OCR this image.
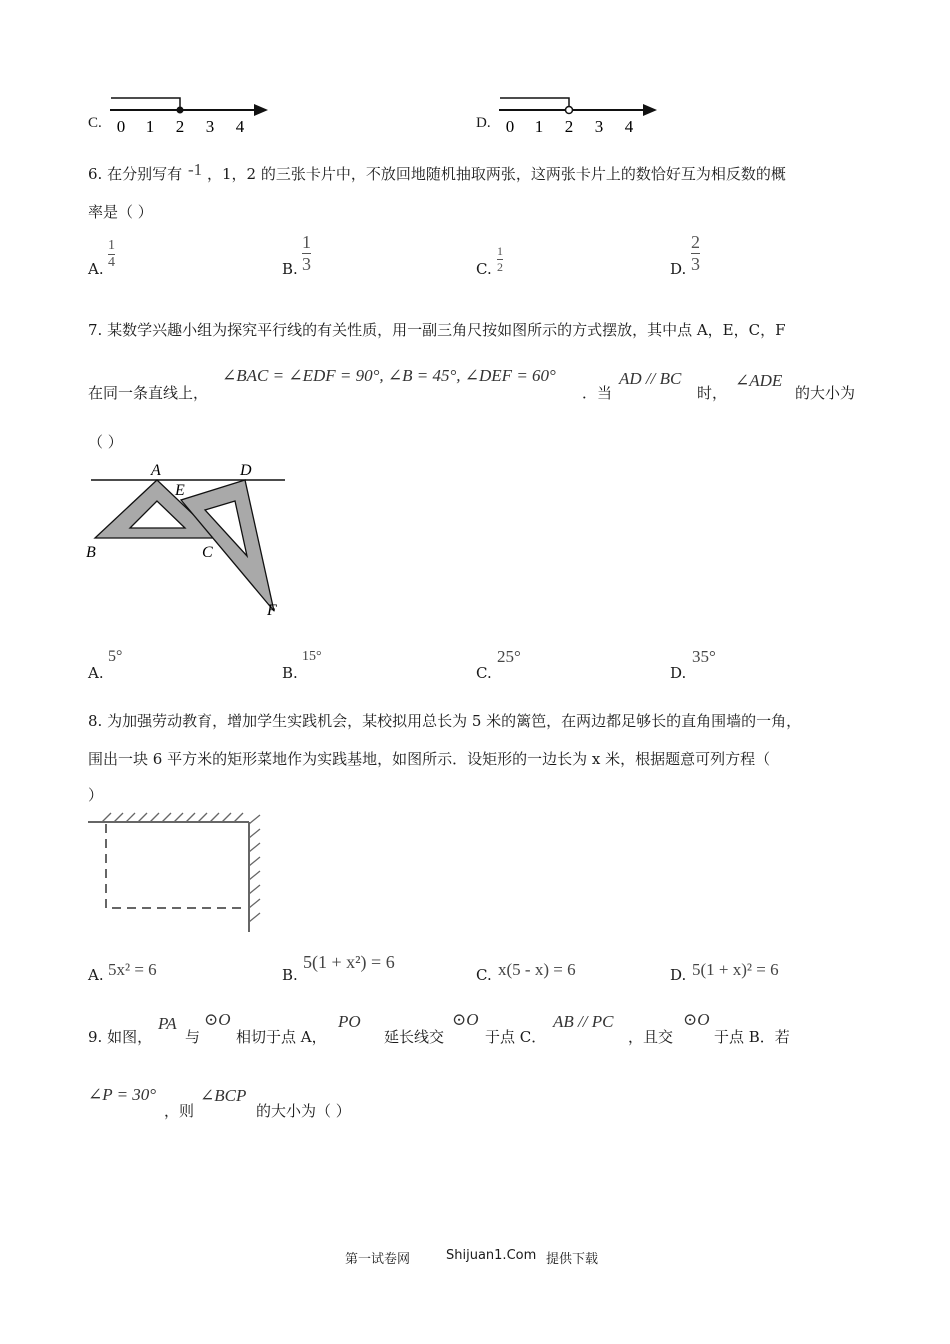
C. 0 1 2 3 4	D. 0 1 2 3 4
6. 在分别写有 -1 ，1，2 的三张卡片中，不放回地随机抽取两张，这两张卡片上的数恰好互为相反数的概
率是（ ）
A.
1
4	B.
1
3	C.
1
2	D.
2
3
7. 某数学兴趣小组为探究平行线的有关性质，用一副三角尺按如图所示的方式摆放，其中点 A，E，C，F
在同一条直线上，
∠BAC = ∠EDF = 90°, ∠B = 45°, ∠DEF = 60°
．当
AD // BC
时，
∠ADE
的大小为
（ ）
A	D
E
B	C
F
A.
5°
B.
15°
C.
25°
D.
35°
8. 为加强劳动教育，增加学生实践机会，某校拟用总长为 5 米的篱笆，在两边都足够长的直角围墙的一角，
围出一块 6 平方米的矩形菜地作为实践基地，如图所示．设矩形的一边长为 x 米，根据题意可列方程（
）
A. 5x² = 6	B.
5(1 + x²) = 6
C. x(5 - x) = 6	D. 5(1 + x)² = 6
9. 如图，
PA
与
⊙O
相切于点 A，
PO
延长线交
⊙O
于点 C．
AB // PC
，且交
⊙O
于点 B．若
∠P = 30°
，则
∠BCP
的大小为（ ）
第一试卷网	Shijuan1.Com 提供下载
